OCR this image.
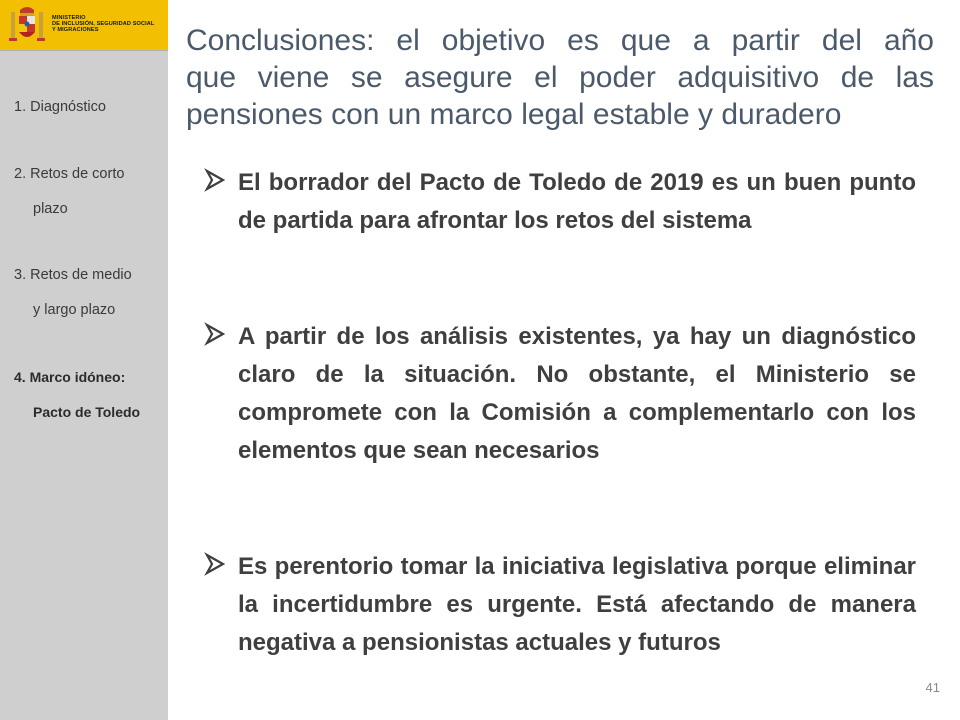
MINISTERIO
DE INCLUSIÓN, SEGURIDAD SOCIAL
Y MIGRACIONES
1. Diagnóstico
2. Retos de corto
plazo
3. Retos de medio
y largo plazo
4. Marco idóneo:
Pacto de Toledo
Conclusiones: el objetivo es que a partir del año
que viene se asegure el poder adquisitivo de las
pensiones con un marco legal estable y duradero
El borrador del Pacto de Toledo de 2019 es un buen punto de partida para afrontar los retos del sistema
A partir de los análisis existentes, ya hay un diagnóstico claro de la situación. No obstante, el Ministerio se compromete con la Comisión a complementarlo con los elementos que sean necesarios
Es perentorio tomar la iniciativa legislativa porque eliminar la incertidumbre es urgente. Está afectando de manera negativa a pensionistas actuales y futuros
41
